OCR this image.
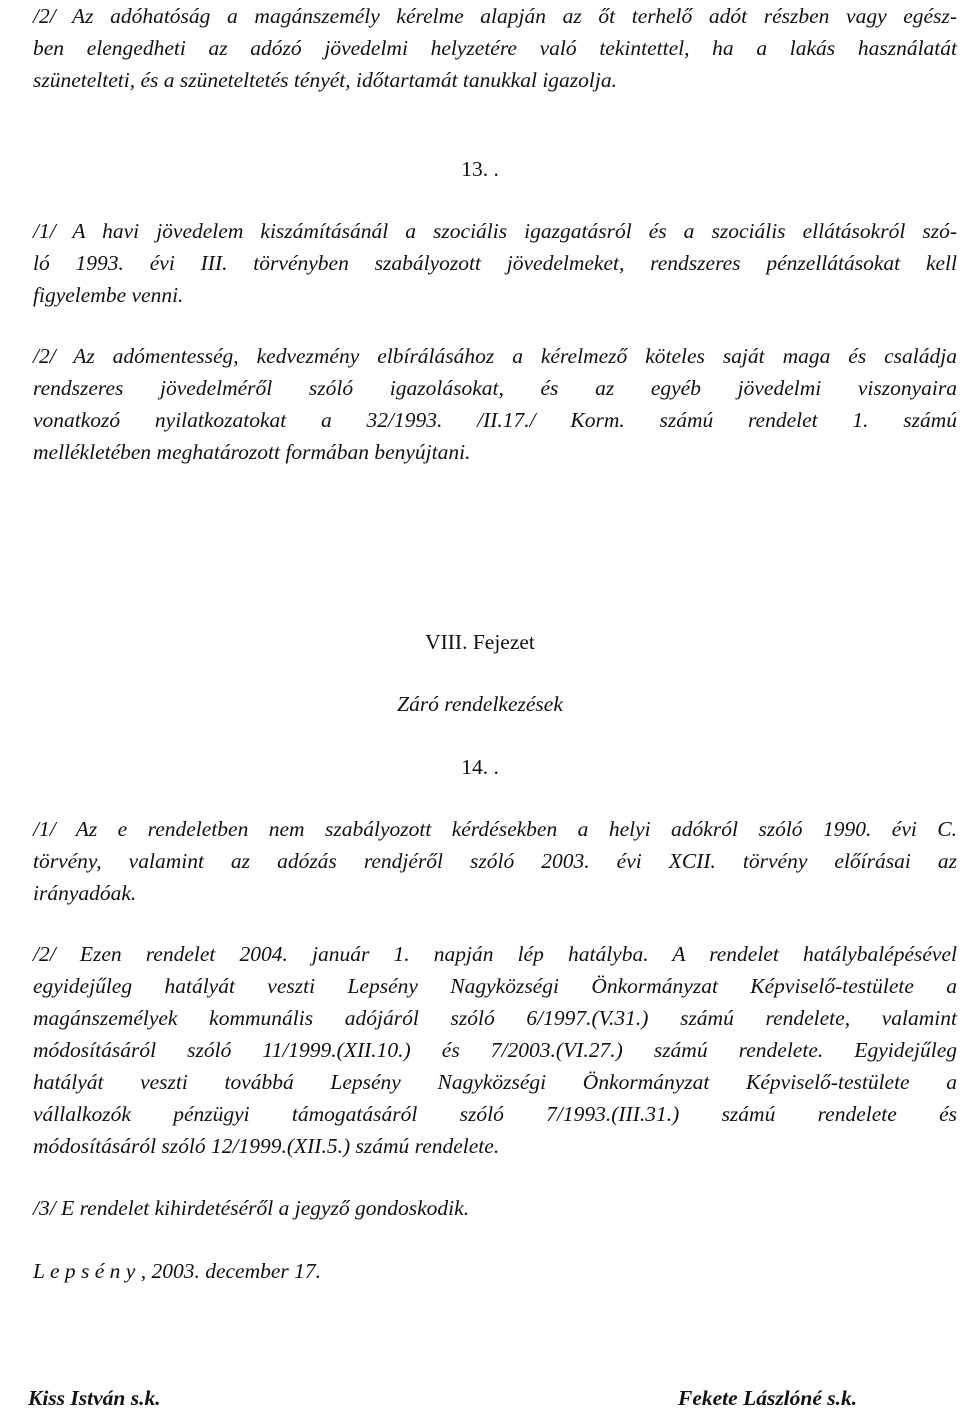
/2/ Az adóhatóság a magánszemély kérelme alapján az őt terhelő adót részben vagy egész-
ben elengedheti az adózó jövedelmi helyzetére való tekintettel, ha a lakás használatát
szünetelteti, és a szüneteltetés tényét, időtartamát tanukkal igazolja.

13. .

/1/ A havi jövedelem kiszámításánál a szociális igazgatásról és a szociális ellátásokról szó-
ló 1993. évi III. törvényben szabályozott jövedelmeket, rendszeres pénzellátásokat kell
figyelembe venni.

/2/ Az adómentesség, kedvezmény elbírálásához a kérelmező köteles saját maga és családja
rendszeres jövedelméről szóló igazolásokat, és az egyéb jövedelmi viszonyaira
vonatkozó nyilatkozatokat a 32/1993. /II.17./ Korm. számú rendelet 1. számú
mellékletében meghatározott formában benyújtani.

VIII. Fejezet

Záró rendelkezések

14. .

/1/ Az e rendeletben nem szabályozott kérdésekben a helyi adókról szóló 1990. évi C.
törvény, valamint az adózás rendjéről szóló 2003. évi XCII. törvény előírásai az
irányadóak.

/2/ Ezen rendelet 2004. január 1. napján lép hatályba. A rendelet hatálybalépésével
egyidejűleg hatályát veszti Lepsény Nagyközségi Önkormányzat Képviselő-testülete a
magánszemélyek kommunális adójáról szóló 6/1997.(V.31.) számú rendelete, valamint
módosításáról szóló 11/1999.(XII.10.) és 7/2003.(VI.27.) számú rendelete. Egyidejűleg
hatályát veszti továbbá Lepsény Nagyközségi Önkormányzat Képviselő-testülete a
vállalkozók pénzügyi támogatásáról szóló 7/1993.(III.31.) számú rendelete és
módosításáról szóló 12/1999.(XII.5.) számú rendelete.

/3/ E rendelet kihirdetéséről a jegyző gondoskodik.

L e p s é n y , 2003. december 17.

Kiss István s.k.	Fekete Lászlóné s.k.
